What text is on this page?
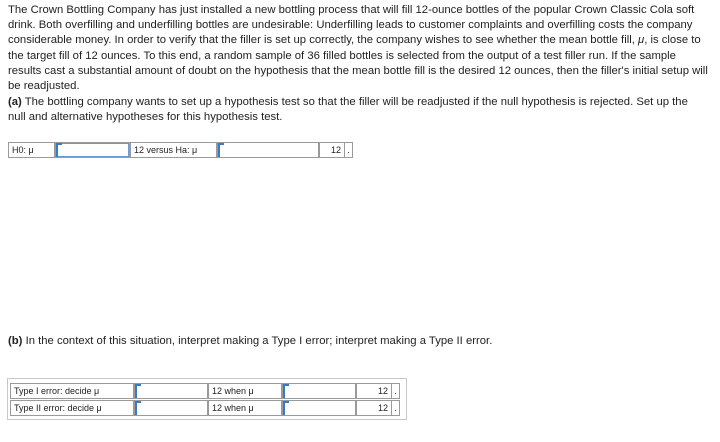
The Crown Bottling Company has just installed a new bottling process that will fill 12-ounce bottles of the popular Crown Classic Cola soft drink. Both overfilling and underfilling bottles are undesirable: Underfilling leads to customer complaints and overfilling costs the company considerable money. In order to verify that the filler is set up correctly, the company wishes to see whether the mean bottle fill, μ, is close to the target fill of 12 ounces. To this end, a random sample of 36 filled bottles is selected from the output of a test filler run. If the sample results cast a substantial amount of doubt on the hypothesis that the mean bottle fill is the desired 12 ounces, then the filler's initial setup will be readjusted.

(a) The bottling company wants to set up a hypothesis test so that the filler will be readjusted if the null hypothesis is rejected. Set up the null and alternative hypotheses for this hypothesis test.

H0: μ	12 versus Ha: μ	12 .

(b) In the context of this situation, interpret making a Type I error; interpret making a Type II error.

Type I error: decide μ	12 when μ	12 .
Type II error: decide μ	12 when μ	12 .
